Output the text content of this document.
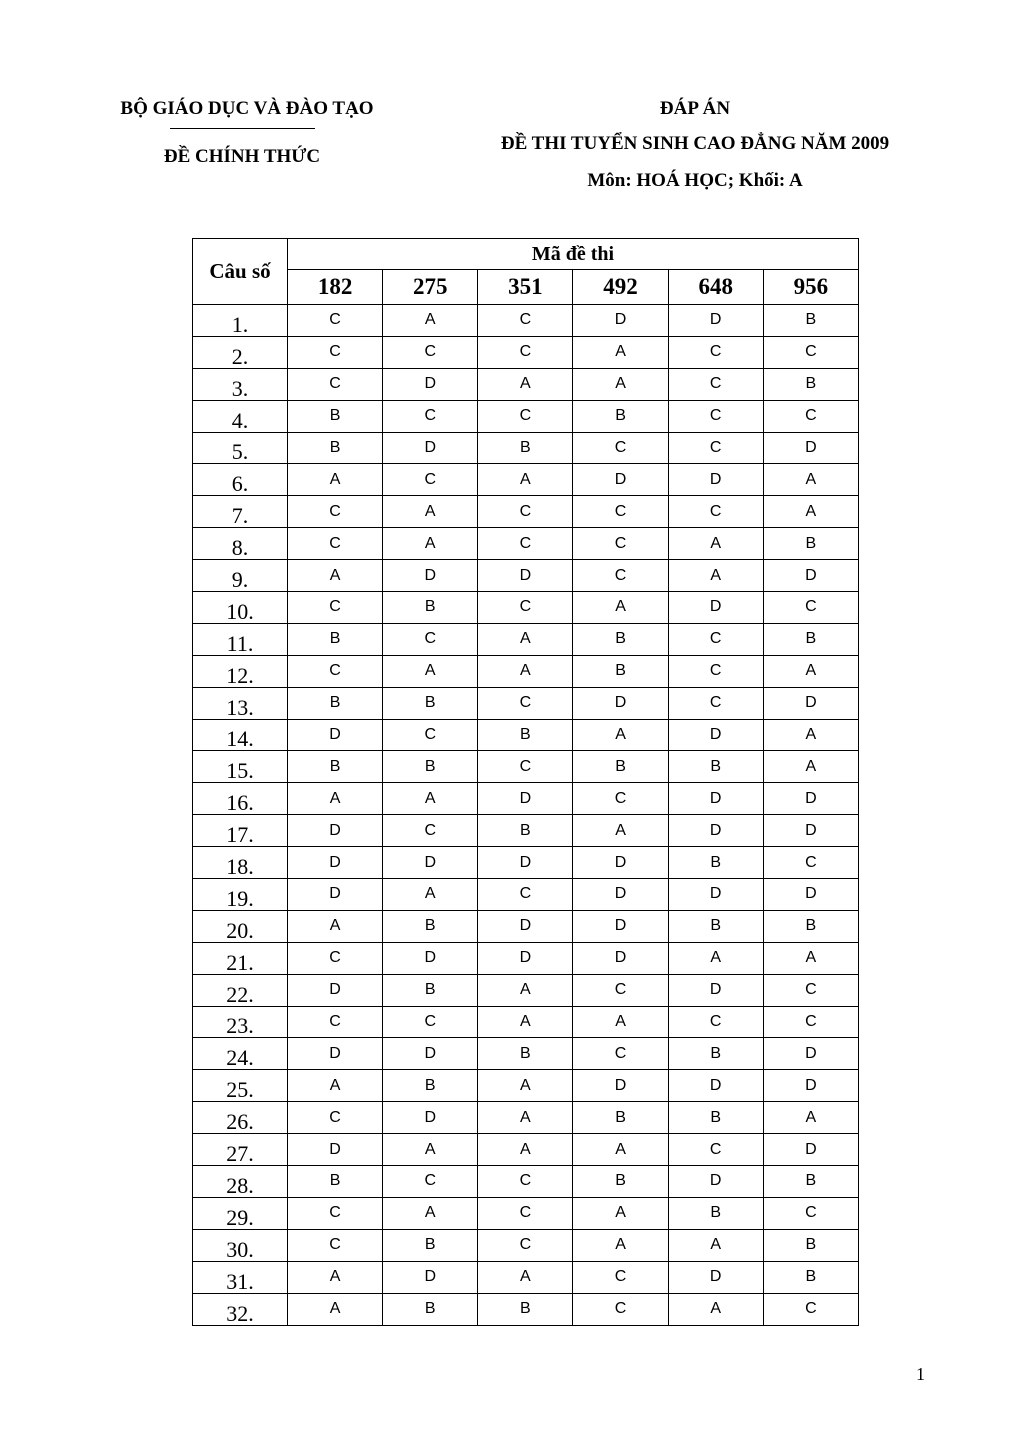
BỘ GIÁO DỤC VÀ ĐÀO TẠO
ĐỀ CHÍNH THỨC
ĐÁP ÁN
ĐỀ THI TUYỂN SINH CAO ĐẲNG NĂM 2009
Môn: HOÁ HỌC; Khối: A
Câu số	Mã đề thi					
	182	275	351	492	648	956
1.	C	A	C	D	D	B
2.	C	C	C	A	C	C
3.	C	D	A	A	C	B
4.	B	C	C	B	C	C
5.	B	D	B	C	C	D
6.	A	C	A	D	D	A
7.	C	A	C	C	C	A
8.	C	A	C	C	A	B
9.	A	D	D	C	A	D
10.	C	B	C	A	D	C
11.	B	C	A	B	C	B
12.	C	A	A	B	C	A
13.	B	B	C	D	C	D
14.	D	C	B	A	D	A
15.	B	B	C	B	B	A
16.	A	A	D	C	D	D
17.	D	C	B	A	D	D
18.	D	D	D	D	B	C
19.	D	A	C	D	D	D
20.	A	B	D	D	B	B
21.	C	D	D	D	A	A
22.	D	B	A	C	D	C
23.	C	C	A	A	C	C
24.	D	D	B	C	B	D
25.	A	B	A	D	D	D
26.	C	D	A	B	B	A
27.	D	A	A	A	C	D
28.	B	C	C	B	D	B
29.	C	A	C	A	B	C
30.	C	B	C	A	A	B
31.	A	D	A	C	D	B
32.	A	B	B	C	A	C
1
